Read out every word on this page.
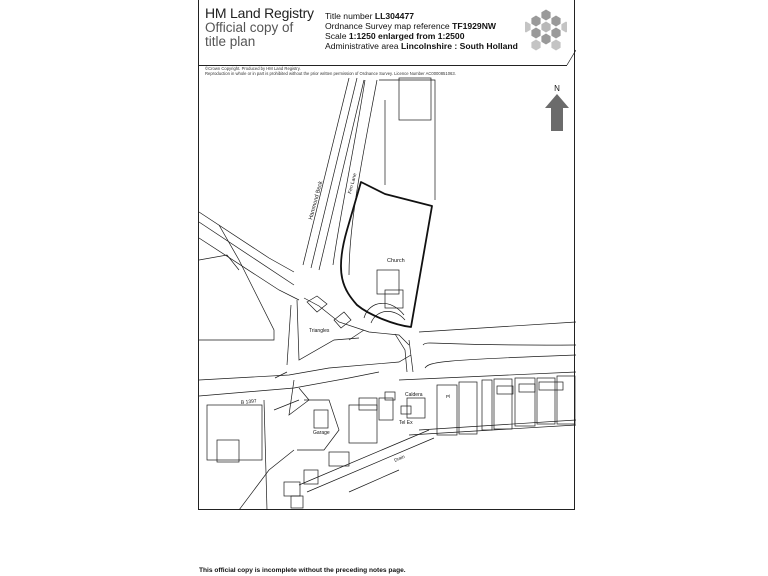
HM Land Registry
Official copy of
title plan
Title number LL304477
Ordnance Survey map reference TF1929NW
Scale 1:1250 enlarged from 1:2500
Administrative area Lincolnshire : South Holland
©Crown Copyright. Produced by HM Land Registry.
Reproduction in whole or in part is prohibited without the prior written permission of Ordnance Survey. Licence Number AC0000851063.
N
Hammond Beck	Fen Lane
Church
Triangles
B 1397
Caldera	Pl
Tel Ex
Garage
Drain
This official copy is incomplete without the preceding notes page.
